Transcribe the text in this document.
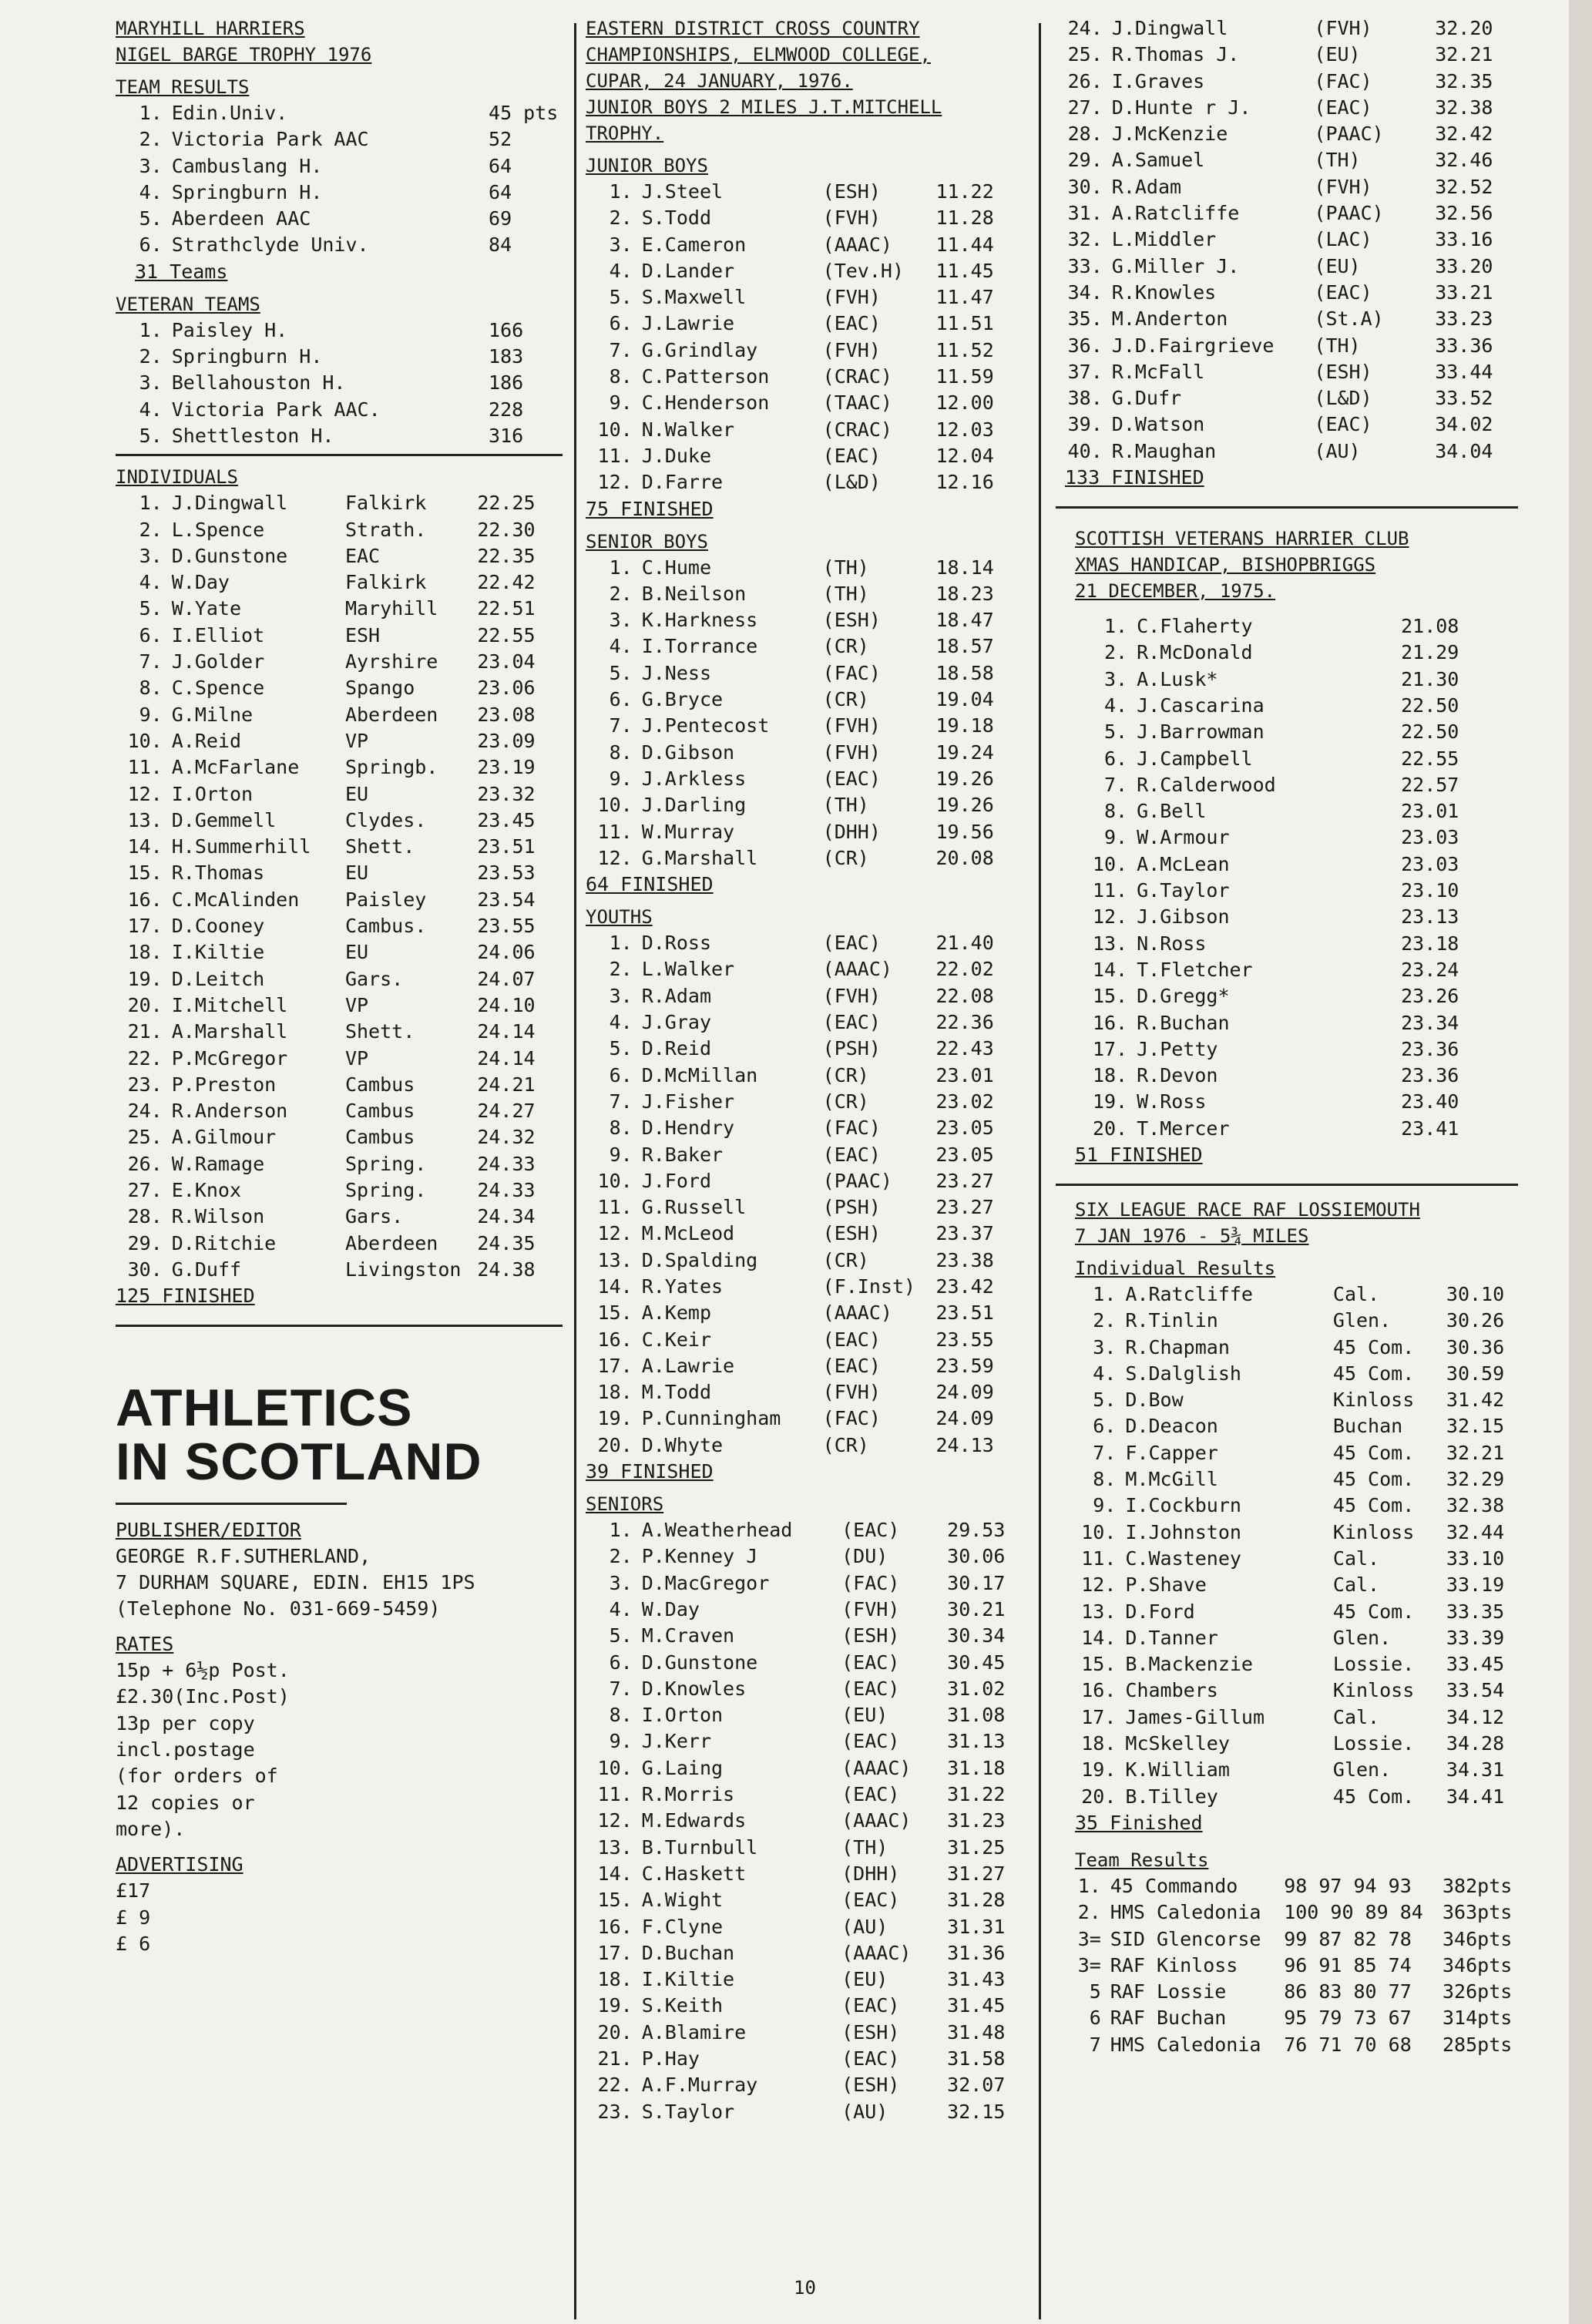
MARYHILL HARRIERS
NIGEL BARGE TROPHY 1976
TEAM RESULTS
1. Edin.Univ.	45 pts
2. Victoria Park AAC	52
3. Cambuslang H.	64
4. Springburn H.	64
5. Aberdeen AAC	69
6. Strathclyde Univ.	84
31 Teams
VETERAN TEAMS
1. Paisley H.	166
2. Springburn H.	183
3. Bellahouston H.	186
4. Victoria Park AAC.	228
5. Shettleston H.	316
INDIVIDUALS
1. J.Dingwall	Falkirk	22.25
2. L.Spence	Strath.	22.30
3. D.Gunstone	EAC	22.35
4. W.Day	Falkirk	22.42
5. W.Yate	Maryhill	22.51
6. I.Elliot	ESH	22.55
7. J.Golder	Ayrshire	23.04
8. C.Spence	Spango	23.06
9. G.Milne	Aberdeen	23.08
10. A.Reid	VP	23.09
11. A.McFarlane	Springb.	23.19
12. I.Orton	EU	23.32
13. D.Gemmell	Clydes.	23.45
14. H.Summerhill	Shett.	23.51
15. R.Thomas	EU	23.53
16. C.McAlinden	Paisley	23.54
17. D.Cooney	Cambus.	23.55
18. I.Kiltie	EU	24.06
19. D.Leitch	Gars.	24.07
20. I.Mitchell	VP	24.10
21. A.Marshall	Shett.	24.14
22. P.McGregor	VP	24.14
23. P.Preston	Cambus	24.21
24. R.Anderson	Cambus	24.27
25. A.Gilmour	Cambus	24.32
26. W.Ramage	Spring.	24.33
27. E.Knox	Spring.	24.33
28. R.Wilson	Gars.	24.34
29. D.Ritchie	Aberdeen	24.35
30. G.Duff	Livingston 24.38
125 FINISHED
ATHLETICS
IN SCOTLAND
PUBLISHER/EDITOR
GEORGE R.F.SUTHERLAND,
7 DURHAM SQUARE, EDIN. EH15 1PS
(Telephone No. 031-669-5459)
RATES
15p + 6½p Post.
£2.30(Inc.Post)
13p per copy
incl.postage
(for orders of
12 copies or
more).
ADVERTISING
£17
£ 9
£ 6
EASTERN DISTRICT CROSS COUNTRY
CHAMPIONSHIPS, ELMWOOD COLLEGE,
CUPAR, 24 JANUARY, 1976.
JUNIOR BOYS 2 MILES J.T.MITCHELL
TROPHY.
JUNIOR BOYS
1. J.Steel	(ESH)	11.22
2. S.Todd	(FVH)	11.28
3. E.Cameron	(AAAC)	11.44
4. D.Lander	(Tev.H)	11.45
5. S.Maxwell	(FVH)	11.47
6. J.Lawrie	(EAC)	11.51
7. G.Grindlay	(FVH)	11.52
8. C.Patterson	(CRAC)	11.59
9. C.Henderson	(TAAC)	12.00
10. N.Walker	(CRAC)	12.03
11. J.Duke	(EAC)	12.04
12. D.Farre	(L&D)	12.16
75 FINISHED
SENIOR BOYS
1. C.Hume	(TH)	18.14
2. B.Neilson	(TH)	18.23
3. K.Harkness	(ESH)	18.47
4. I.Torrance	(CR)	18.57
5. J.Ness	(FAC)	18.58
6. G.Bryce	(CR)	19.04
7. J.Pentecost	(FVH)	19.18
8. D.Gibson	(FVH)	19.24
9. J.Arkless	(EAC)	19.26
10. J.Darling	(TH)	19.26
11. W.Murray	(DHH)	19.56
12. G.Marshall	(CR)	20.08
64 FINISHED
YOUTHS
1. D.Ross	(EAC)	21.40
2. L.Walker	(AAAC)	22.02
3. R.Adam	(FVH)	22.08
4. J.Gray	(EAC)	22.36
5. D.Reid	(PSH)	22.43
6. D.McMillan	(CR)	23.01
7. J.Fisher	(CR)	23.02
8. D.Hendry	(FAC)	23.05
9. R.Baker	(EAC)	23.05
10. J.Ford	(PAAC)	23.27
11. G.Russell	(PSH)	23.27
12. M.McLeod	(ESH)	23.37
13. D.Spalding	(CR)	23.38
14. R.Yates	(F.Inst)	23.42
15. A.Kemp	(AAAC)	23.51
16. C.Keir	(EAC)	23.55
17. A.Lawrie	(EAC)	23.59
18. M.Todd	(FVH)	24.09
19. P.Cunningham	(FAC)	24.09
20. D.Whyte	(CR)	24.13
39 FINISHED
SENIORS
1. A.Weatherhead	(EAC)	29.53
2. P.Kenney J	(DU)	30.06
3. D.MacGregor	(FAC)	30.17
4. W.Day	(FVH)	30.21
5. M.Craven	(ESH)	30.34
6. D.Gunstone	(EAC)	30.45
7. D.Knowles	(EAC)	31.02
8. I.Orton	(EU)	31.08
9. J.Kerr	(EAC)	31.13
10. G.Laing	(AAAC)	31.18
11. R.Morris	(EAC)	31.22
12. M.Edwards	(AAAC)	31.23
13. B.Turnbull	(TH)	31.25
14. C.Haskett	(DHH)	31.27
15. A.Wight	(EAC)	31.28
16. F.Clyne	(AU)	31.31
17. D.Buchan	(AAAC)	31.36
18. I.Kiltie	(EU)	31.43
19. S.Keith	(EAC)	31.45
20. A.Blamire	(ESH)	31.48
21. P.Hay	(EAC)	31.58
22. A.F.Murray	(ESH)	32.07
23. S.Taylor	(AU)	32.15
24. J.Dingwall	(FVH)	32.20
25. R.Thomas J.	(EU)	32.21
26. I.Graves	(FAC)	32.35
27. D.Hunte r J.	(EAC)	32.38
28. J.McKenzie	(PAAC)	32.42
29. A.Samuel	(TH)	32.46
30. R.Adam	(FVH)	32.52
31. A.Ratcliffe	(PAAC)	32.56
32. L.Middler	(LAC)	33.16
33. G.Miller J.	(EU)	33.20
34. R.Knowles	(EAC)	33.21
35. M.Anderton	(St.A)	33.23
36. J.D.Fairgrieve	(TH)	33.36
37. R.McFall	(ESH)	33.44
38. G.Dufr	(L&D)	33.52
39. D.Watson	(EAC)	34.02
40. R.Maughan	(AU)	34.04
133 FINISHED
SCOTTISH VETERANS HARRIER CLUB
XMAS HANDICAP, BISHOPBRIGGS
21 DECEMBER, 1975.
1. C.Flaherty	21.08
2. R.McDonald	21.29
3. A.Lusk*	21.30
4. J.Cascarina	22.50
5. J.Barrowman	22.50
6. J.Campbell	22.55
7. R.Calderwood	22.57
8. G.Bell	23.01
9. W.Armour	23.03
10. A.McLean	23.03
11. G.Taylor	23.10
12. J.Gibson	23.13
13. N.Ross	23.18
14. T.Fletcher	23.24
15. D.Gregg*	23.26
16. R.Buchan	23.34
17. J.Petty	23.36
18. R.Devon	23.36
19. W.Ross	23.40
20. T.Mercer	23.41
51 FINISHED
SIX LEAGUE RACE RAF LOSSIEMOUTH
7 JAN 1976 - 5¾ MILES
Individual Results
1. A.Ratcliffe	Cal.	30.10
2. R.Tinlin	Glen.	30.26
3. R.Chapman	45 Com.	30.36
4. S.Dalglish	45 Com.	30.59
5. D.Bow	Kinloss	31.42
6. D.Deacon	Buchan	32.15
7. F.Capper	45 Com.	32.21
8. M.McGill	45 Com.	32.29
9. I.Cockburn	45 Com.	32.38
10. I.Johnston	Kinloss	32.44
11. C.Wasteney	Cal.	33.10
12. P.Shave	Cal.	33.19
13. D.Ford	45 Com.	33.35
14. D.Tanner	Glen.	33.39
15. B.Mackenzie	Lossie.	33.45
16. Chambers	Kinloss	33.54
17. James-Gillum	Cal.	34.12
18. McSkelley	Lossie.	34.28
19. K.William	Glen.	34.31
20. B.Tilley	45 Com.	34.41
35 Finished
Team Results
1. 45 Commando	98 97 94 93	382pts
2. HMS Caledonia	100 90 89 84	363pts
3= SID Glencorse	99 87 82 78	346pts
3= RAF Kinloss	96 91 85 74	346pts
5 RAF Lossie	86 83 80 77	326pts
6 RAF Buchan	95 79 73 67	314pts
7 HMS Caledonia	76 71 70 68	285pts
10
